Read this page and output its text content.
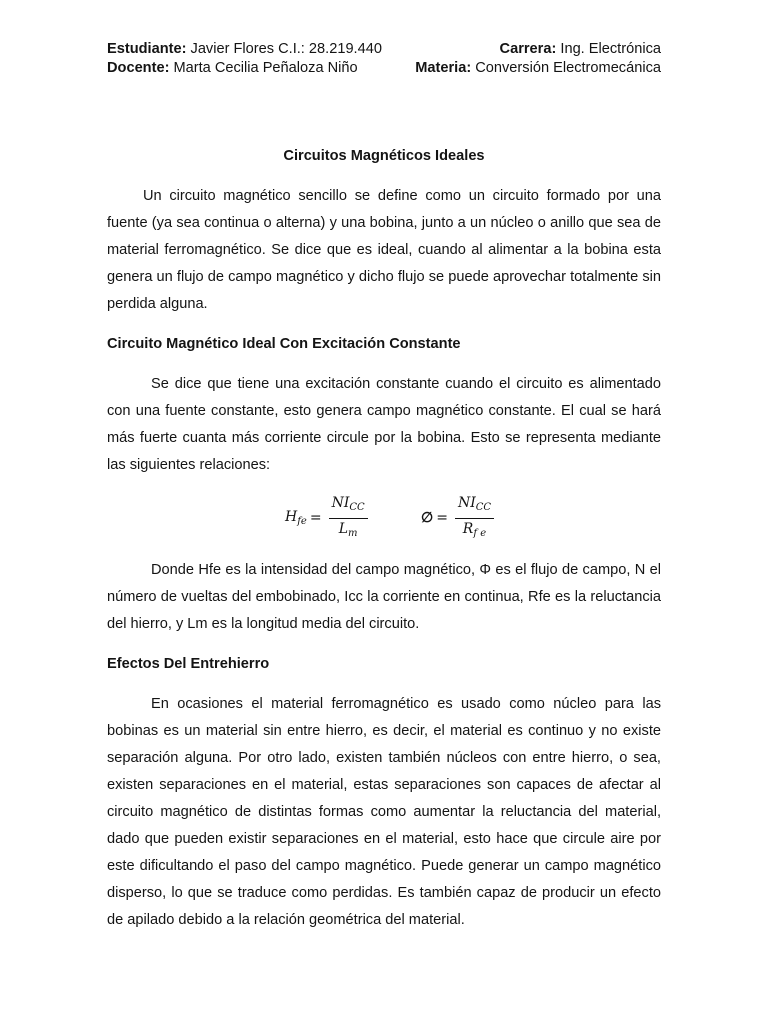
Estudiante: Javier Flores C.I.: 28.219.440	Carrera: Ing. Electrónica
Docente: Marta Cecilia Peñaloza Niño	Materia: Conversión Electromecánica
Circuitos Magnéticos Ideales

Un circuito magnético sencillo se define como un circuito formado por una fuente (ya sea continua o alterna) y una bobina, junto a un núcleo o anillo que sea de material ferromagnético. Se dice que es ideal, cuando al alimentar a la bobina esta genera un flujo de campo magnético y dicho flujo se puede aprovechar totalmente sin perdida alguna.

Circuito Magnético Ideal Con Excitación Constante

Se dice que tiene una excitación constante cuando el circuito es alimentado con una fuente constante, esto genera campo magnético constante. El cual se hará más fuerte cuanta más corriente circule por la bobina. Esto se representa mediante las siguientes relaciones:

$H_{fe} = \frac{NI_{CC}}{L_m}$	∅ = $\frac{NI_{CC}}{R_{f e}}$

Donde Hfe es la intensidad del campo magnético, Φ es el flujo de campo, N el número de vueltas del embobinado, Icc la corriente en continua, Rfe es la reluctancia del hierro, y Lm es la longitud media del circuito.

Efectos Del Entrehierro

En ocasiones el material ferromagnético es usado como núcleo para las bobinas es un material sin entre hierro, es decir, el material es continuo y no existe separación alguna. Por otro lado, existen también núcleos con entre hierro, o sea, existen separaciones en el material, estas separaciones son capaces de afectar al circuito magnético de distintas formas como aumentar la reluctancia del material, dado que pueden existir separaciones en el material, esto hace que circule aire por este dificultando el paso del campo magnético. Puede generar un campo magnético disperso, lo que se traduce como perdidas. Es también capaz de producir un efecto de apilado debido a la relación geométrica del material.
